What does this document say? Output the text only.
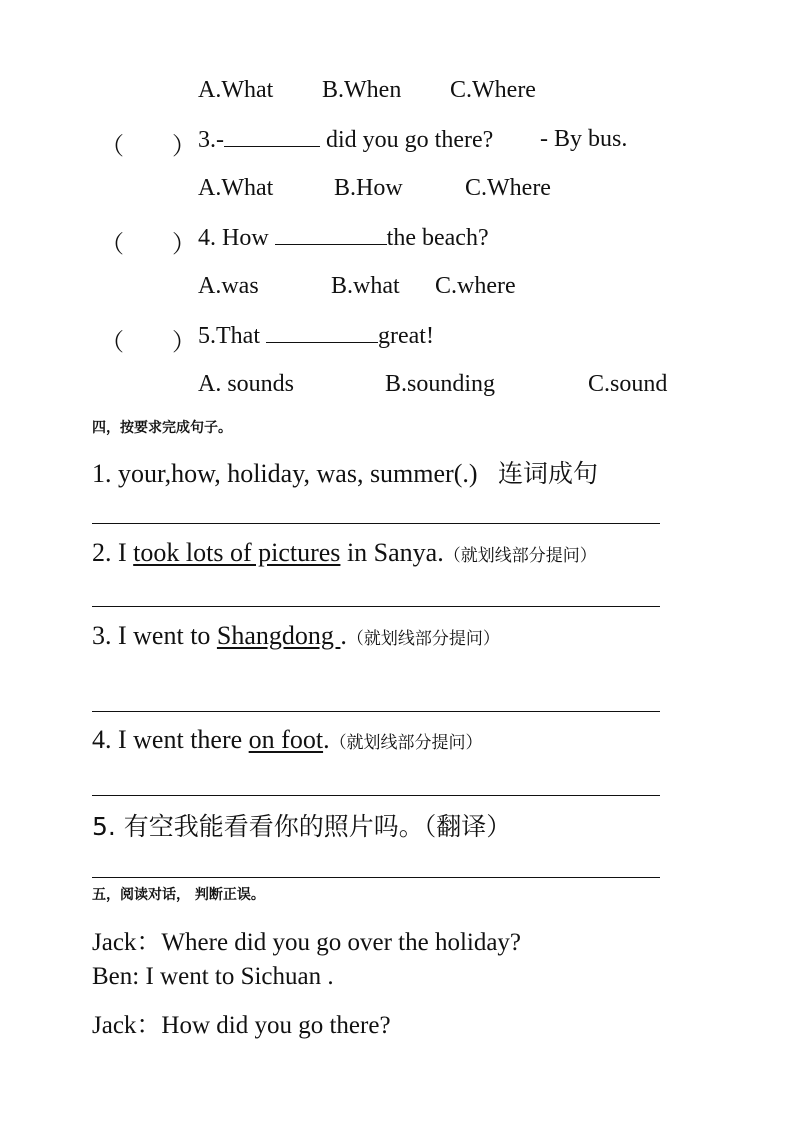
A.What B.When C.Where
（　　） 3.-	did you go there? - By bus.
A.What	B.How	C.Where
（　　） 4. How	the beach?
A.was	B.what C.where
（　　） 5.That	great!
A. sounds	B.sounding	C.sound
四，按要求完成句子。
1. your,how, holiday, was, summer(.) 连词成句
2. I took lots of pictures in Sanya.（就划线部分提问）
3. I went to Shangdong .（就划线部分提问）
4. I went there on foot.（就划线部分提问）
5. 有空我能看看你的照片吗。（翻译）
五，阅读对话， 判断正误。
Jack：Where did you go over the holiday?
Ben: I went to Sichuan .
Jack：How did you go there?
